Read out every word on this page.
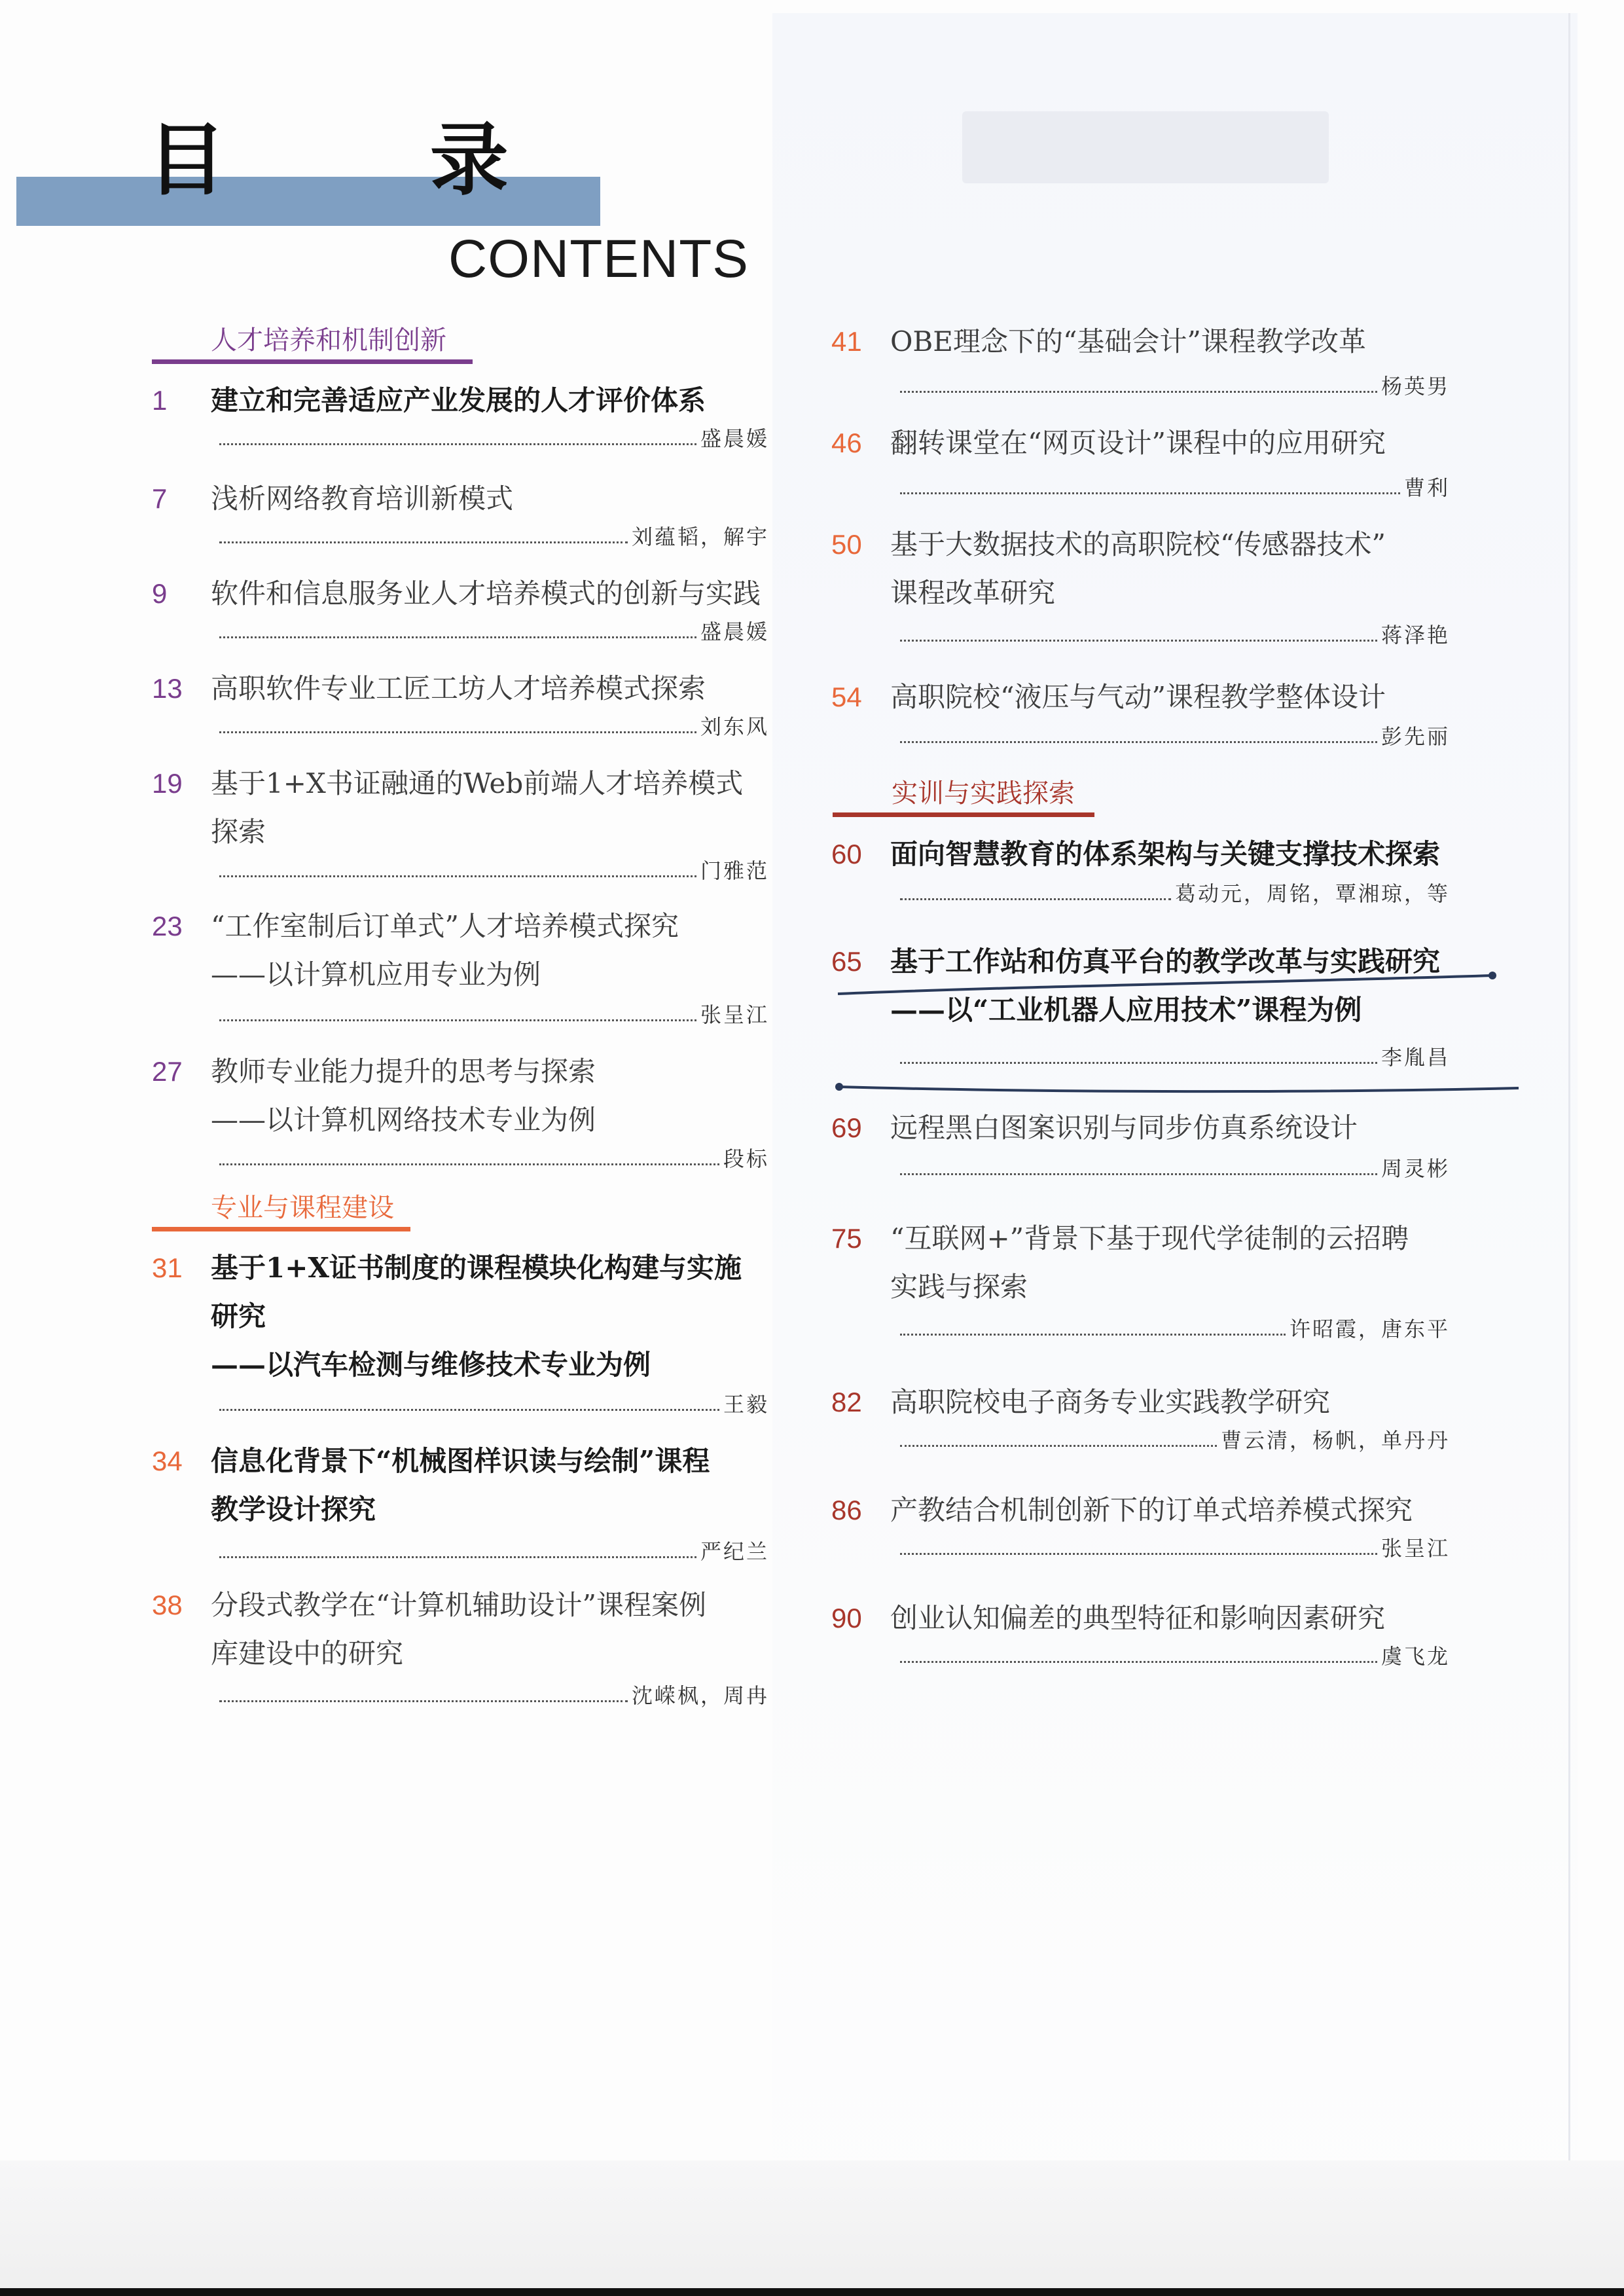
目 录
CONTENTS
人才培养和机制创新
专业与课程建设
实训与实践探索
1	建立和完善适应产业发展的人才评价体系
盛晨媛
7	浅析网络教育培训新模式
刘蕴韬，解宇
9	软件和信息服务业人才培养模式的创新与实践
盛晨媛
13	高职软件专业工匠工坊人才培养模式探索
刘东风
19	基于1+X书证融通的Web前端人才培养模式
探索
门雅范
23	“工作室制后订单式”人才培养模式探究
——以计算机应用专业为例
张呈江
27	教师专业能力提升的思考与探索
——以计算机网络技术专业为例
段标
31	基于1+X证书制度的课程模块化构建与实施
研究
——以汽车检测与维修技术专业为例
王毅
34	信息化背景下“机械图样识读与绘制”课程
教学设计探究
严纪兰
38	分段式教学在“计算机辅助设计”课程案例
库建设中的研究
沈嵘枫，周冉
41	OBE理念下的“基础会计”课程教学改革
杨英男
46	翻转课堂在“网页设计”课程中的应用研究
曹利
50	基于大数据技术的高职院校“传感器技术”
课程改革研究
蒋泽艳
54	高职院校“液压与气动”课程教学整体设计
彭先丽
60	面向智慧教育的体系架构与关键支撑技术探索
葛动元，周铭，覃湘琼，等
65	基于工作站和仿真平台的教学改革与实践研究
——以“工业机器人应用技术”课程为例
李胤昌
69	远程黑白图案识别与同步仿真系统设计
周灵彬
75	“互联网+”背景下基于现代学徒制的云招聘
实践与探索
许昭霞，唐东平
82	高职院校电子商务专业实践教学研究
曹云清，杨帆，单丹丹
86	产教结合机制创新下的订单式培养模式探究
张呈江
90	创业认知偏差的典型特征和影响因素研究
虞飞龙
